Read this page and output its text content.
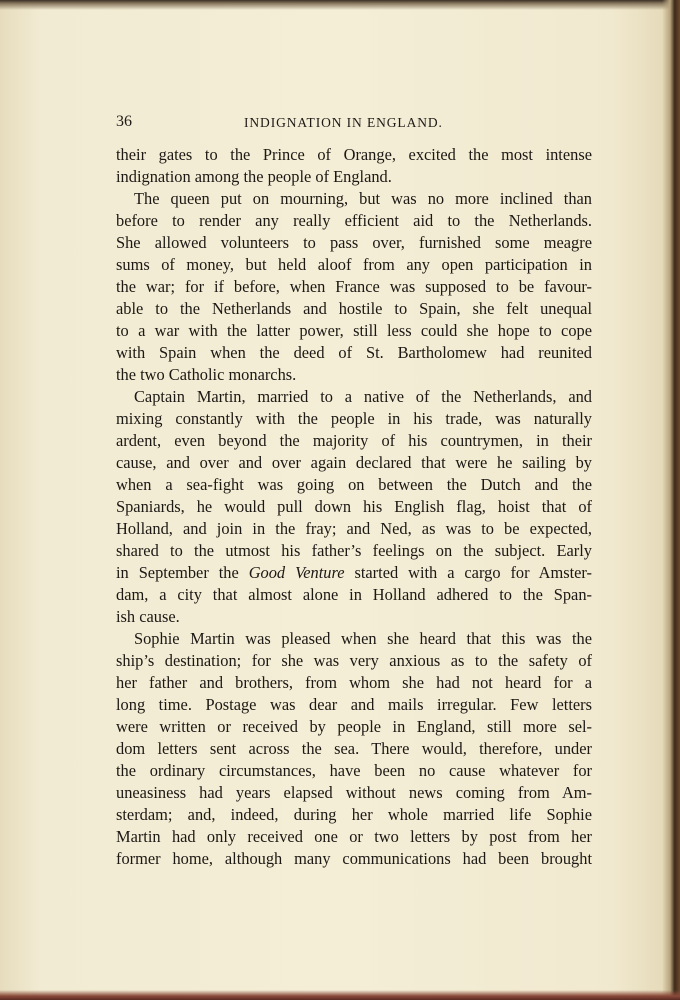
36	INDIGNATION IN ENGLAND.
their gates to the Prince of Orange, excited the most intense
indignation among the people of England.
The queen put on mourning, but was no more inclined than
before to render any really efficient aid to the Netherlands.
She allowed volunteers to pass over, furnished some meagre
sums of money, but held aloof from any open participation in
the war; for if before, when France was supposed to be favour-
able to the Netherlands and hostile to Spain, she felt unequal
to a war with the latter power, still less could she hope to cope
with Spain when the deed of St. Bartholomew had reunited
the two Catholic monarchs.
Captain Martin, married to a native of the Netherlands, and
mixing constantly with the people in his trade, was naturally
ardent, even beyond the majority of his countrymen, in their
cause, and over and over again declared that were he sailing by
when a sea-fight was going on between the Dutch and the
Spaniards, he would pull down his English flag, hoist that of
Holland, and join in the fray; and Ned, as was to be expected,
shared to the utmost his father’s feelings on the subject. Early
in September the Good Venture started with a cargo for Amster-
dam, a city that almost alone in Holland adhered to the Span-
ish cause.
Sophie Martin was pleased when she heard that this was the
ship’s destination; for she was very anxious as to the safety of
her father and brothers, from whom she had not heard for a
long time. Postage was dear and mails irregular. Few letters
were written or received by people in England, still more sel-
dom letters sent across the sea. There would, therefore, under
the ordinary circumstances, have been no cause whatever for
uneasiness had years elapsed without news coming from Am-
sterdam; and, indeed, during her whole married life Sophie
Martin had only received one or two letters by post from her
former home, although many communications had been brought
